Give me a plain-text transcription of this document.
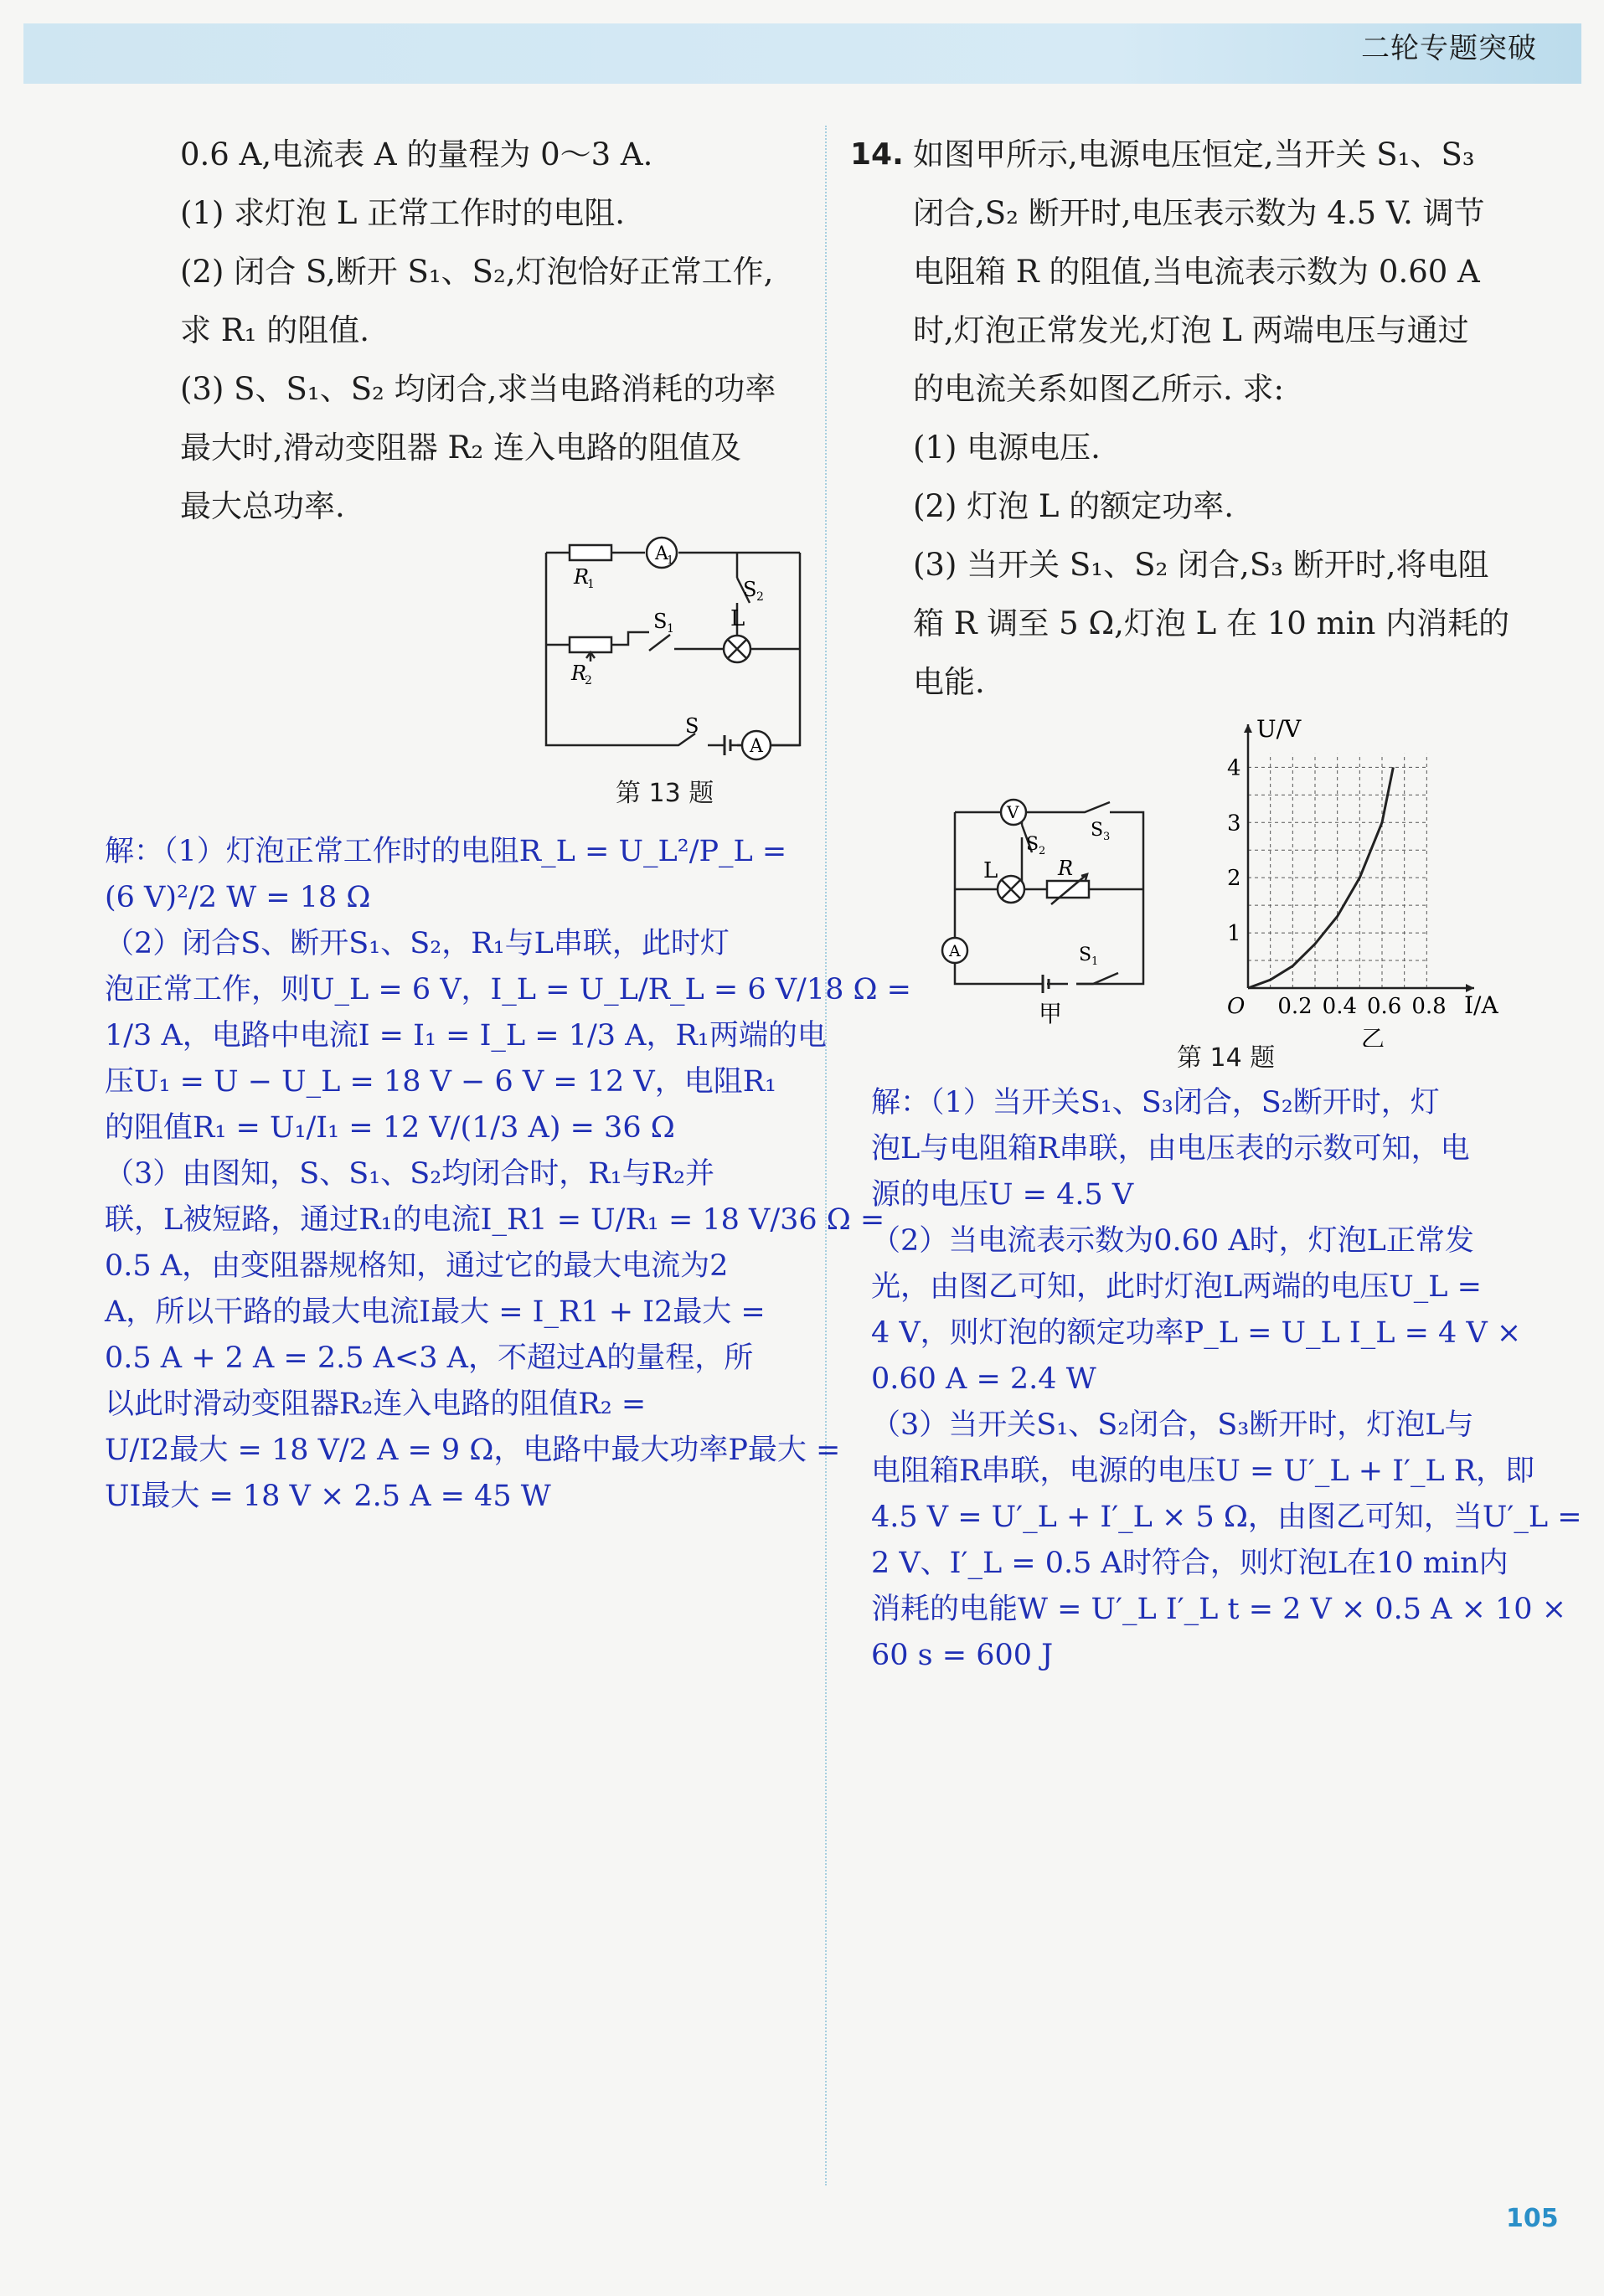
二轮专题突破

0.6 A,电流表 A 的量程为 0～3 A.

(1) 求灯泡 L 正常工作时的电阻.

(2) 闭合 S,断开 S₁、S₂,灯泡恰好正常工作,

求 R₁ 的阻值.

(3) S、S₁、S₂ 均闭合,求当电路消耗的功率

最大时,滑动变阻器 R₂ 连入电路的阻值及

最大总功率.

A
1
R
1	S 2
S 1	L
R
2
S
A
第 13 题

解：（1）灯泡正常工作时的电阻R_L = U_L²/P_L =

(6 V)²/2 W = 18 Ω

（2）闭合S、断开S₁、S₂，R₁与L串联，此时灯

泡正常工作，则U_L = 6 V，I_L = U_L/R_L = 6 V/18 Ω =

1/3 A，电路中电流I = I₁ = I_L = 1/3 A，R₁两端的电

压U₁ = U − U_L = 18 V − 6 V = 12 V，电阻R₁

的阻值R₁ = U₁/I₁ = 12 V/(1/3 A) = 36 Ω

（3）由图知，S、S₁、S₂均闭合时，R₁与R₂并

联，L被短路，通过R₁的电流I_R1 = U/R₁ = 18 V/36 Ω =

0.5 A，由变阻器规格知，通过它的最大电流为2

A，所以干路的最大电流I最大 = I_R1 + I2最大 =

0.5 A + 2 A = 2.5 A<3 A，不超过A的量程，所

以此时滑动变阻器R₂连入电路的阻值R₂ =

U/I2最大 = 18 V/2 A = 9 Ω，电路中最大功率P最大 =

UI最大 = 18 V × 2.5 A = 45 W

14. 如图甲所示,电源电压恒定,当开关 S₁、S₃

闭合,S₂ 断开时,电压表示数为 4.5 V. 调节

电阻箱 R 的阻值,当电流表示数为 0.60 A

时,灯泡正常发光,灯泡 L 两端电压与通过

的电流关系如图乙所示. 求:

(1) 电源电压.

(2) 灯泡 L 的额定功率.

(3) 当开关 S₁、S₂ 闭合,S₃ 断开时,将电阻

箱 R 调至 5 Ω,灯泡 L 在 10 min 内消耗的

电能.

V
L
S 2
S 3
R
A	S 1
甲	0.2 0.4 0.6 0.8
1
2
3
4
O	I/A
U/V
乙
第 14 题

解：（1）当开关S₁、S₃闭合，S₂断开时，灯

泡L与电阻箱R串联，由电压表的示数可知，电

源的电压U = 4.5 V

（2）当电流表示数为0.60 A时，灯泡L正常发

光，由图乙可知，此时灯泡L两端的电压U_L =

4 V，则灯泡的额定功率P_L = U_L I_L = 4 V ×

0.60 A = 2.4 W

（3）当开关S₁、S₂闭合，S₃断开时，灯泡L与

电阻箱R串联，电源的电压U = U′_L + I′_L R，即

4.5 V = U′_L + I′_L × 5 Ω，由图乙可知，当U′_L =

2 V、I′_L = 0.5 A时符合，则灯泡L在10 min内

消耗的电能W = U′_L I′_L t = 2 V × 0.5 A × 10 ×

60 s = 600 J

105
